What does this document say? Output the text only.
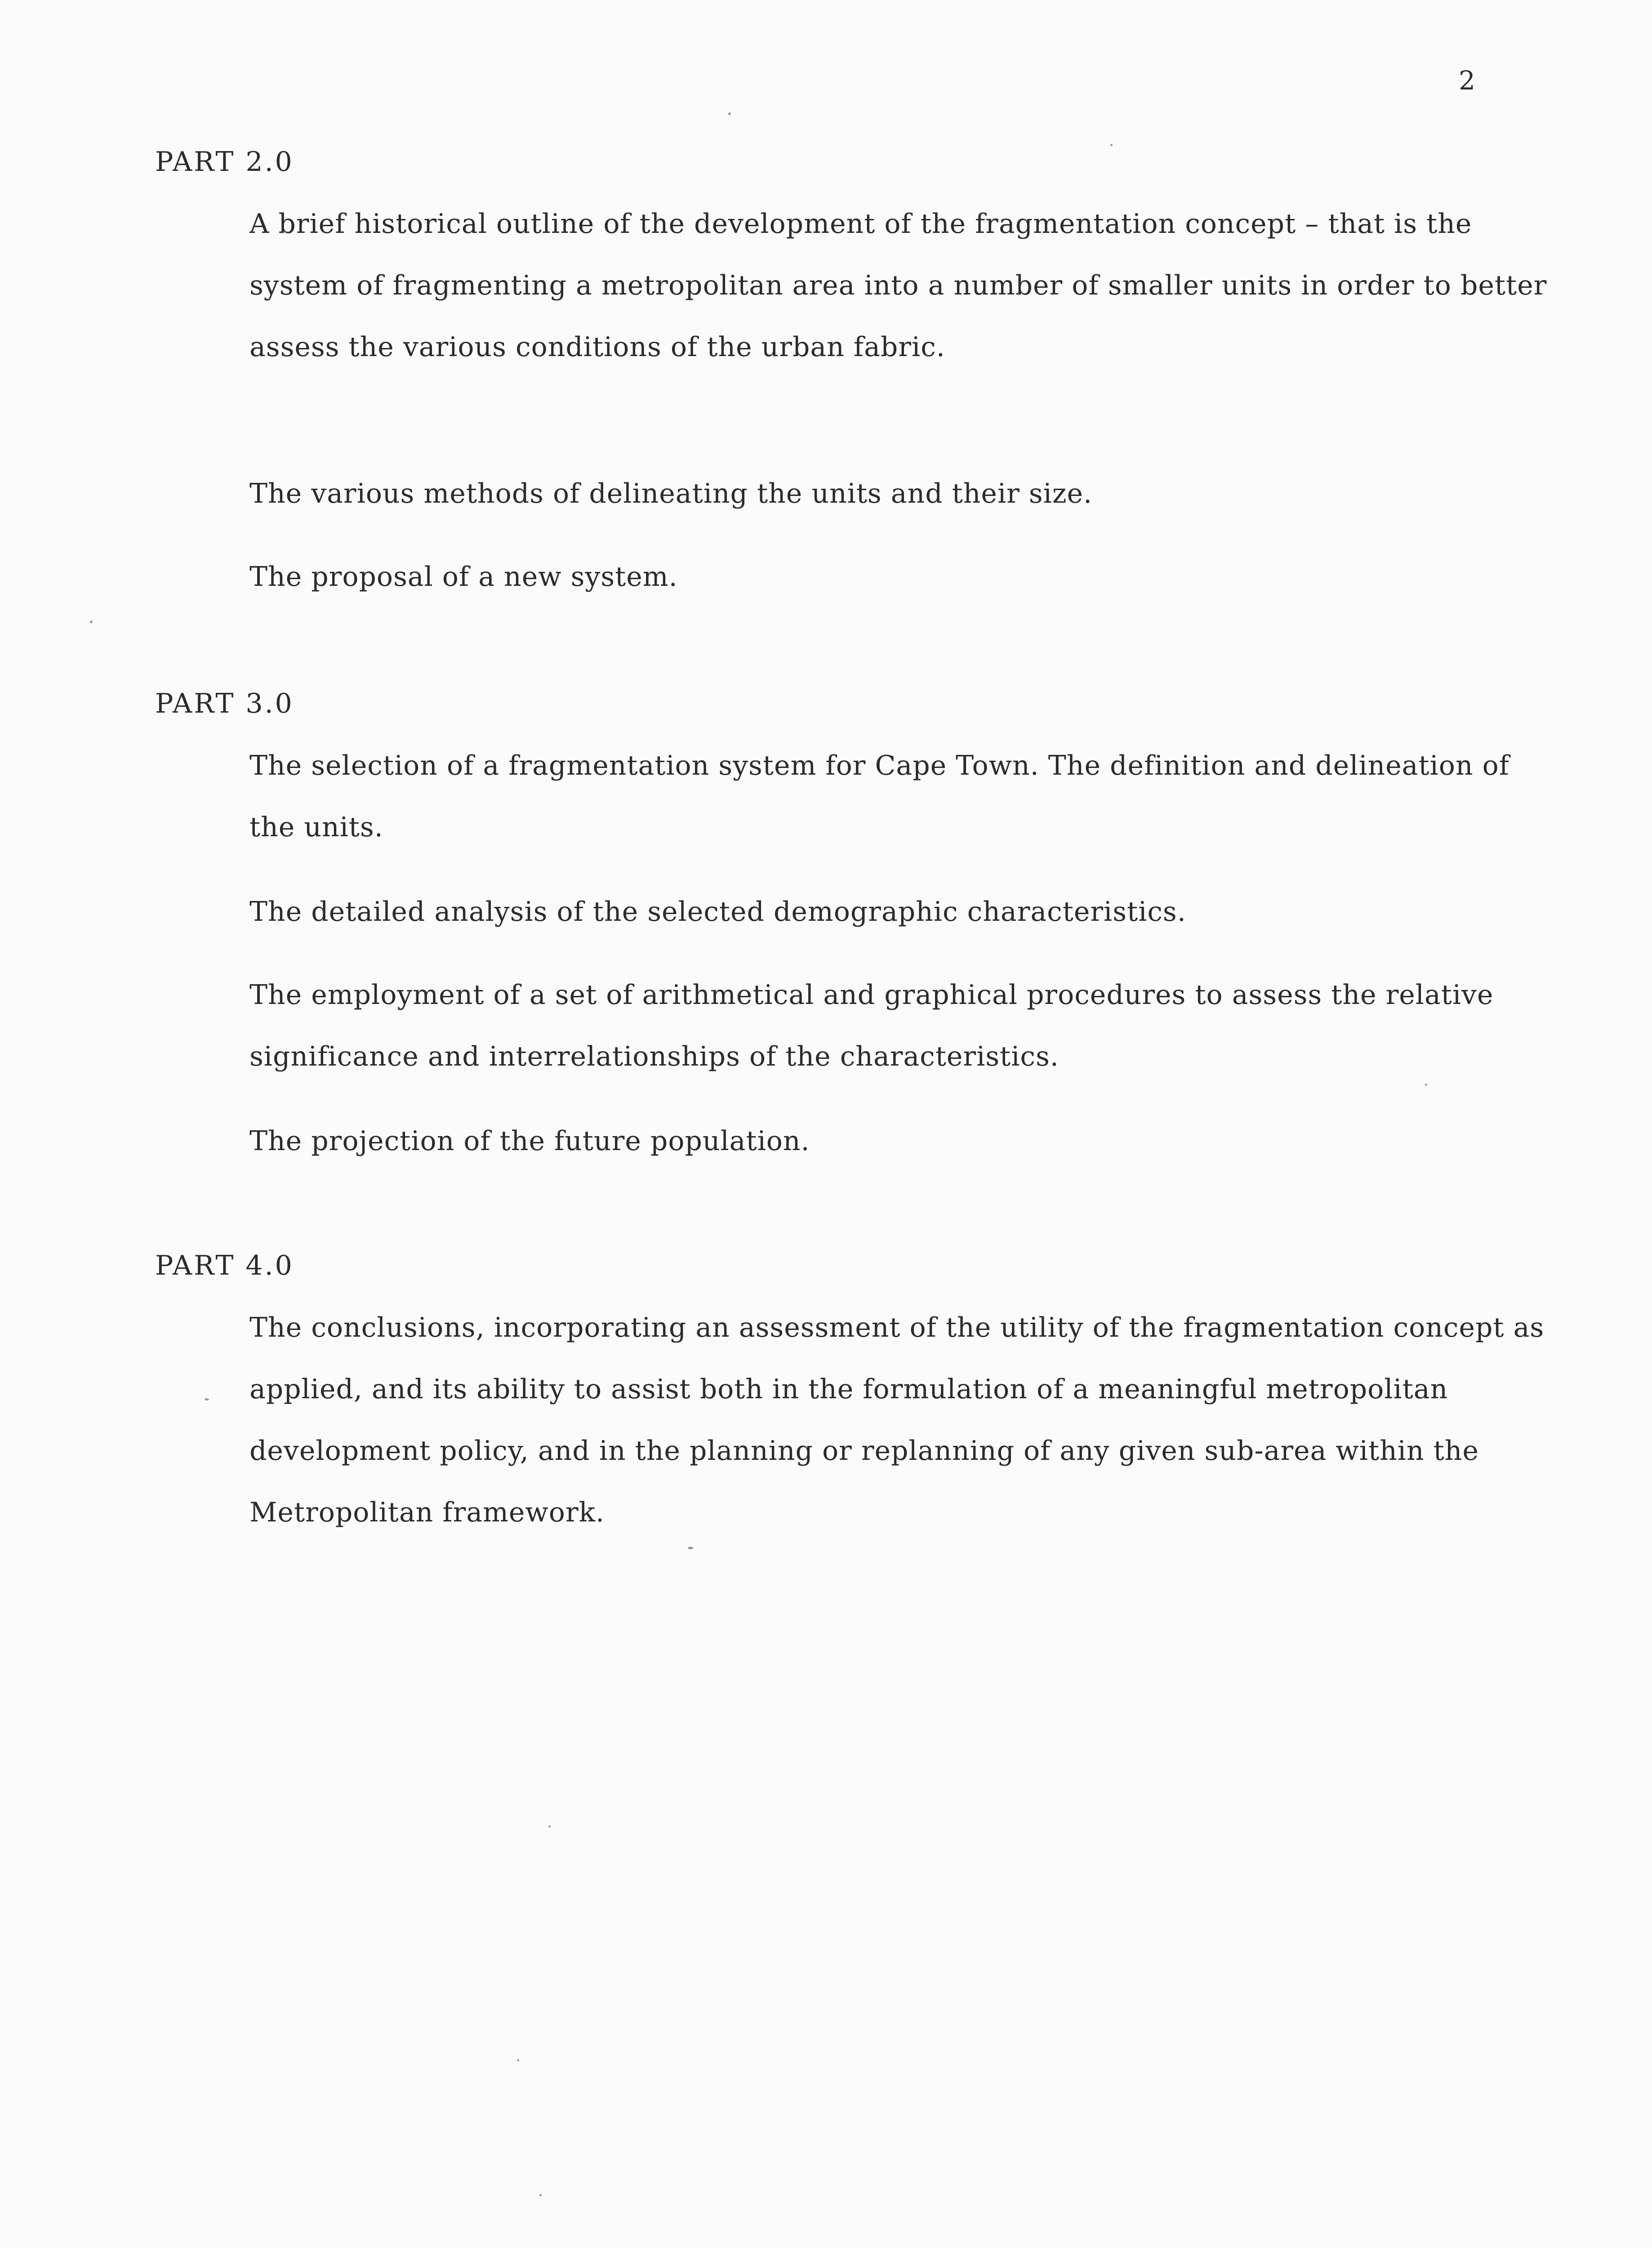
2
PART 2.0

A brief historical outline of the development of the fragmentation concept – that is the system of fragmenting a metropolitan area into a number of smaller units in order to better assess the various conditions of the urban fabric.

The various methods of delineating the units and their size.

The proposal of a new system.

PART 3.0

The selection of a fragmentation system for Cape Town. The definition and delineation of the units.

The detailed analysis of the selected demographic characteristics.

The employment of a set of arithmetical and graphical procedures to assess the relative significance and interrelationships of the characteristics.

The projection of the future population.

PART 4.0

The conclusions, incorporating an assessment of the utility of the fragmentation concept as applied, and its ability to assist both in the formulation of a meaningful metropolitan development policy, and in the planning or replanning of any given sub-area within the Metropolitan framework.
